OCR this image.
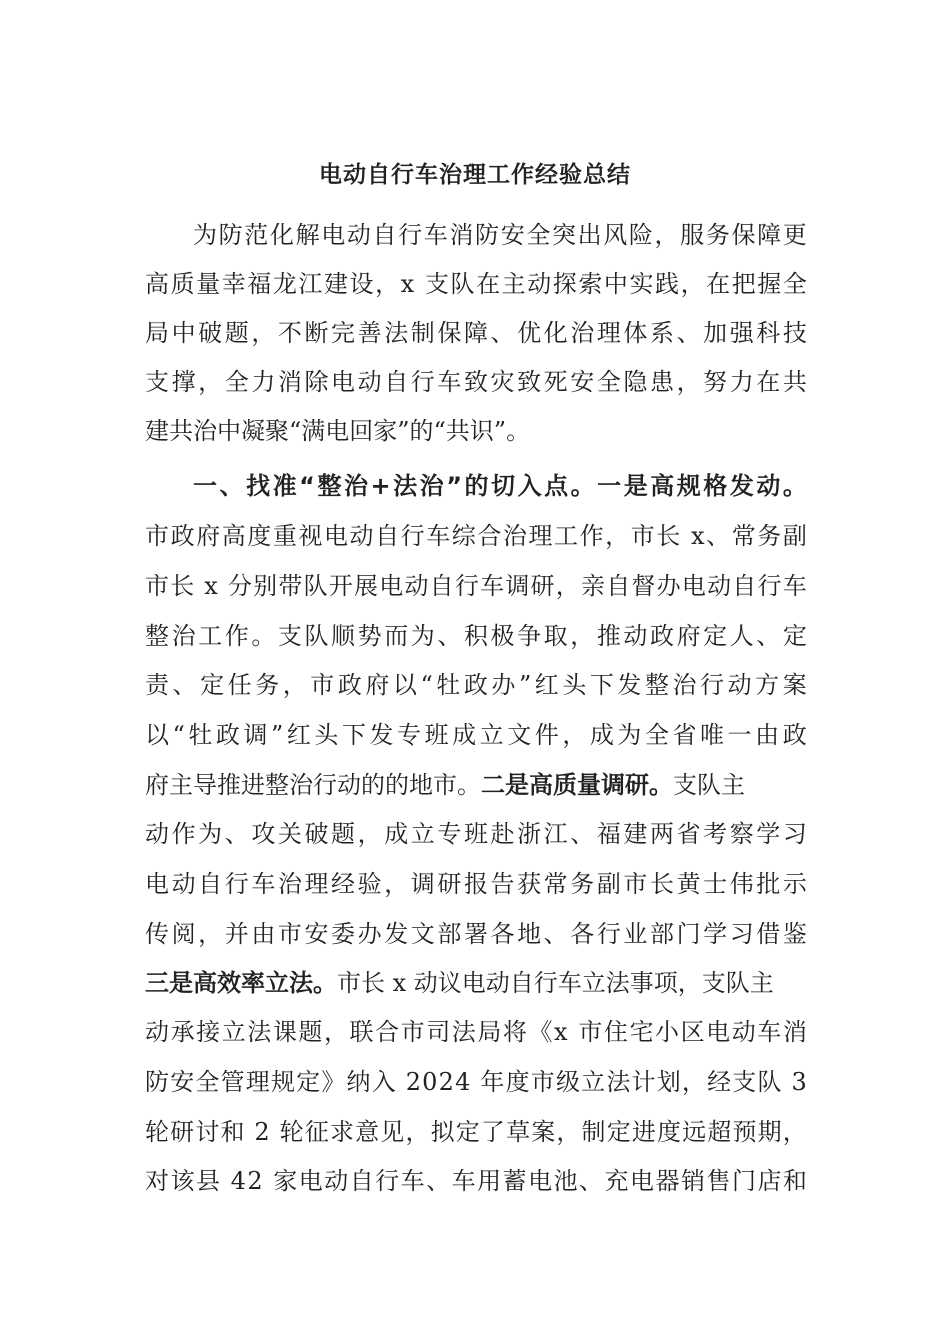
电动自行车治理工作经验总结
为 防 范 化 解 电 动 自 行 车 消 防 安 全 突 出 风 险 ， 服 务 保 障 更
高 质 量 幸 福 龙 江 建 设 ， x
支 队 在 主 动 探 索 中 实 践 ， 在 把 握 全
局 中 破 题 ， 不 断 完 善 法 制 保 障 、 优 化 治 理 体 系 、 加 强 科 技
支 撑 ， 全 力 消 除 电 动 自 行 车 致 灾 致 死 安 全 隐 患 ， 努 力 在 共
建共治中凝聚“满电回家”的“共识”。
一 、 找 准 “ 整 治 + 法 治 ” 的 切 入 点 。 一 是 高 规 格 发 动 。
市 政 府 高 度 重 视 电 动 自 行 车 综 合 治 理 工 作 ， 市 长
x 、 常 务 副
市 长
x
分 别 带 队 开 展 电 动 自 行 车 调 研 ， 亲 自 督 办 电 动 自 行 车
整 治 工 作 。 支 队 顺 势 而 为 、 积 极 争 取 ， 推 动 政 府 定 人 、 定
责 、 定 任 务 ， 市 政 府 以 “ 牡 政 办 ” 红 头 下 发 整 治 行 动 方 案
以 “ 牡 政 调 ” 红 头 下 发 专 班 成 立 文 件 ， 成 为 全 省 唯 一 由 政
府主导推进整治行动的的地市。 二是高质量调研。 支队主
动 作 为 、 攻 关 破 题 ， 成 立 专 班 赴 浙 江 、 福 建 两 省 考 察 学 习
电 动 自 行 车 治 理 经 验 ， 调 研 报 告 获 常 务 副 市 长 黄 士 伟 批 示
传 阅 ， 并 由 市 安 委 办 发 文 部 署 各 地 、 各 行 业 部 门 学 习 借 鉴
三是高效率立法。 市长 x 动议电动自行车立法事项，支队主
动 承 接 立 法 课 题 ， 联 合 市 司 法 局 将 《 x
市 住 宅 小 区 电 动 车 消
防 安 全 管 理 规 定 》 纳 入
2 0 2 4
年 度 市 级 立 法 计 划 ， 经 支 队
3
轮 研 讨 和
2
轮 征 求 意 见 ， 拟 定 了 草 案 ， 制 定 进 度 远 超 预 期 ，
对 该 县
4 2
家 电 动 自 行 车 、 车 用 蓄 电 池 、 充 电 器 销 售 门 店 和
